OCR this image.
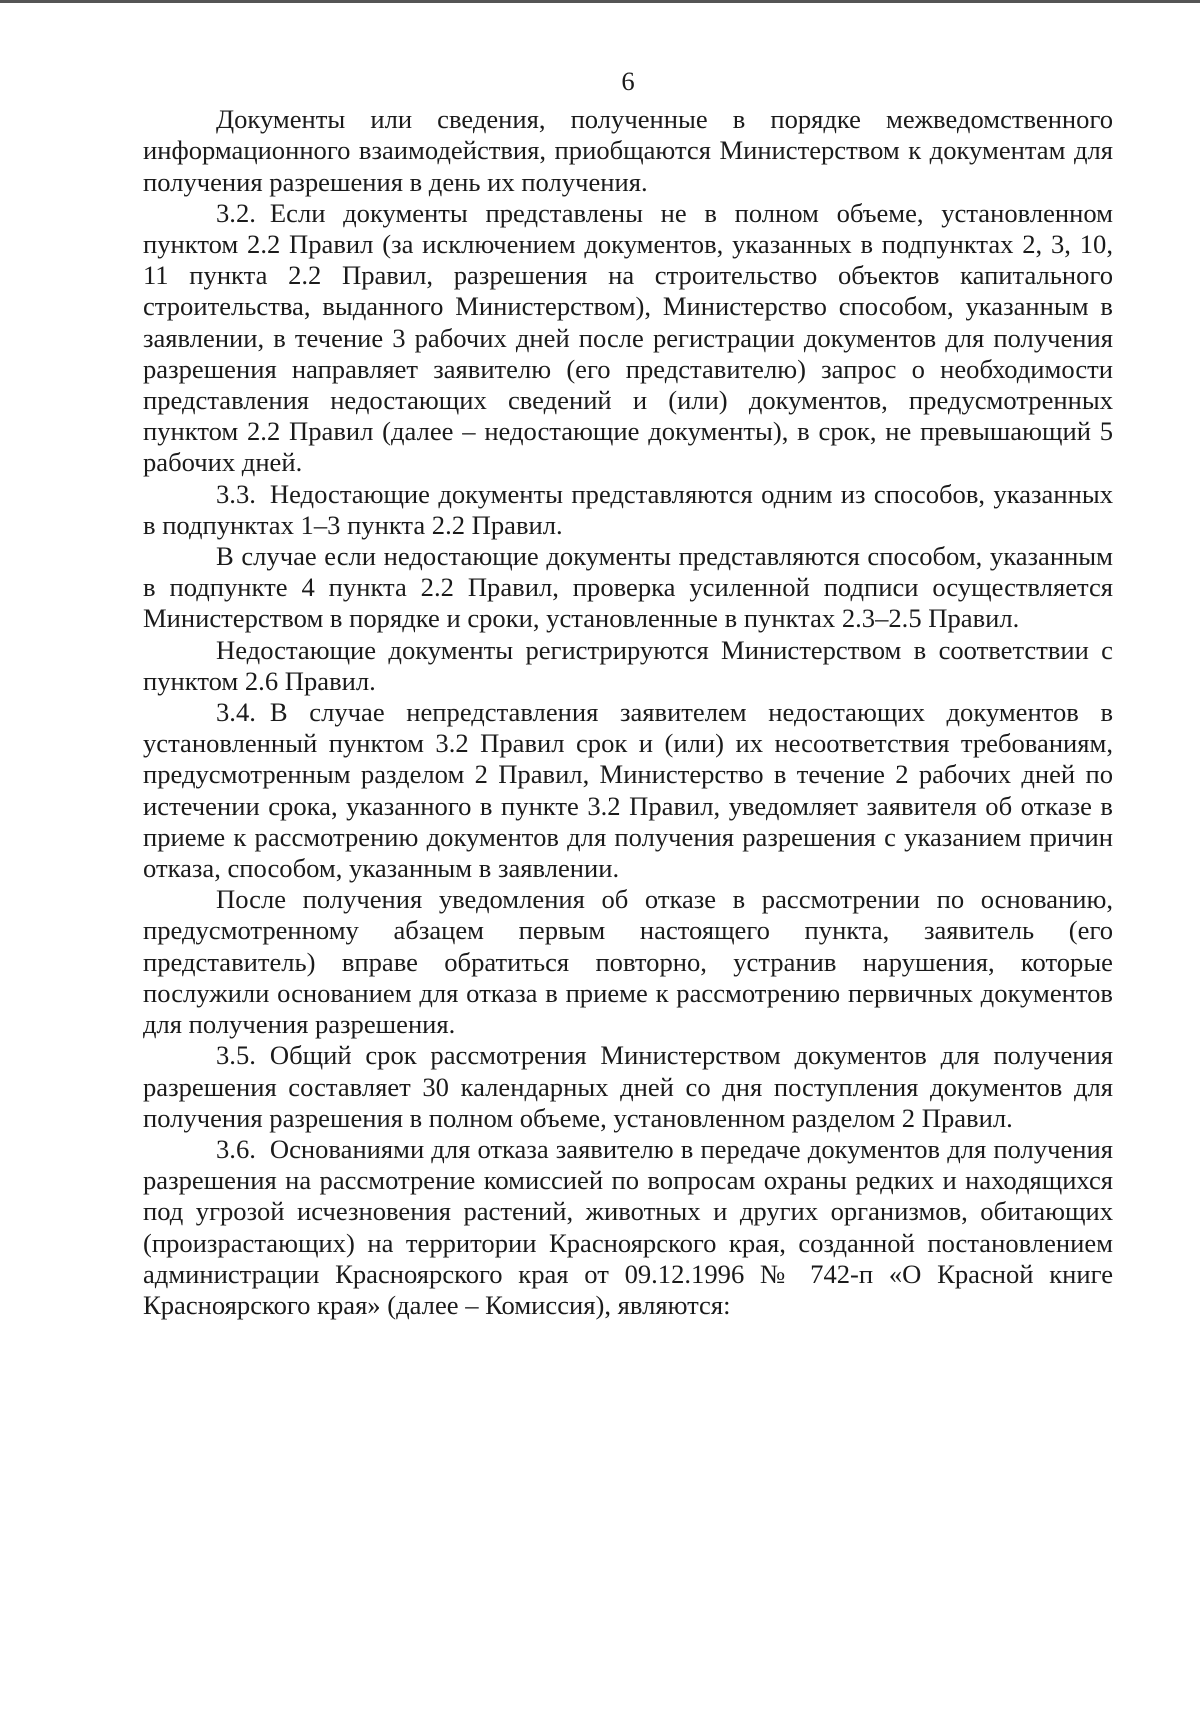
6

Документы или сведения, полученные в порядке межведомственного информационного взаимодействия, приобщаются Министерством к документам для получения разрешения в день их получения.

3.2. Если документы представлены не в полном объеме, установленном пунктом 2.2 Правил (за исключением документов, указанных в подпунктах 2, 3, 10, 11 пункта 2.2 Правил, разрешения на строительство объектов капитального строительства, выданного Министерством), Министерство способом, указанным в заявлении, в течение 3 рабочих дней после регистрации документов для получения разрешения направляет заявителю (его представителю) запрос о необходимости представления недостающих сведений и (или) документов, предусмотренных пунктом 2.2 Правил (далее – недостающие документы), в срок, не превышающий 5 рабочих дней.

3.3. Недостающие документы представляются одним из способов, указанных в подпунктах 1–3 пункта 2.2 Правил.

В случае если недостающие документы представляются способом, указанным в подпункте 4 пункта 2.2 Правил, проверка усиленной подписи осуществляется Министерством в порядке и сроки, установленные в пунктах 2.3–2.5 Правил.

Недостающие документы регистрируются Министерством в соответствии с пунктом 2.6 Правил.

3.4. В случае непредставления заявителем недостающих документов в установленный пунктом 3.2 Правил срок и (или) их несоответствия требованиям, предусмотренным разделом 2 Правил, Министерство в течение 2 рабочих дней по истечении срока, указанного в пункте 3.2 Правил, уведомляет заявителя об отказе в приеме к рассмотрению документов для получения разрешения с указанием причин отказа, способом, указанным в заявлении.

После получения уведомления об отказе в рассмотрении по основанию, предусмотренному абзацем первым настоящего пункта, заявитель (его представитель) вправе обратиться повторно, устранив нарушения, которые послужили основанием для отказа в приеме к рассмотрению первичных документов для получения разрешения.

3.5. Общий срок рассмотрения Министерством документов для получения разрешения составляет 30 календарных дней со дня поступления документов для получения разрешения в полном объеме, установленном разделом 2 Правил.

3.6. Основаниями для отказа заявителю в передаче документов для получения разрешения на рассмотрение комиссией по вопросам охраны редких и находящихся под угрозой исчезновения растений, животных и других организмов, обитающих (произрастающих) на территории Красноярского края, созданной постановлением администрации Красноярского края от 09.12.1996 № 742-п «О Красной книге Красноярского края» (далее – Комиссия), являются:
